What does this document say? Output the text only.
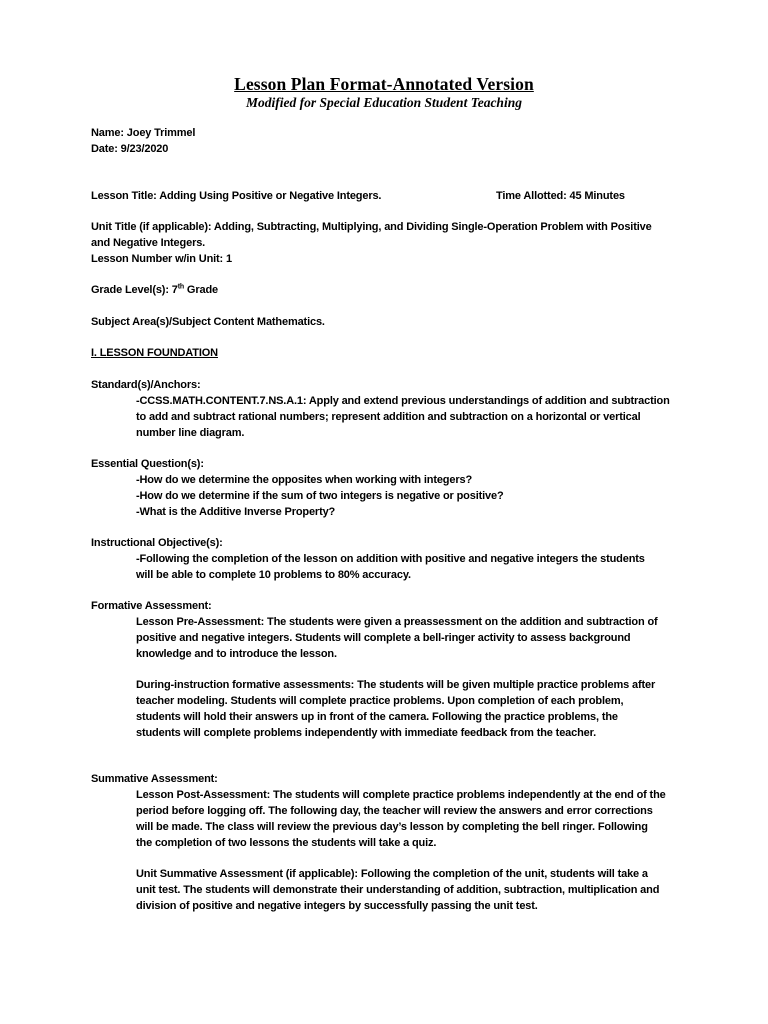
Lesson Plan Format-Annotated Version
Modified for Special Education Student Teaching
Name: Joey Trimmel
Date: 9/23/2020
Lesson Title: Adding Using Positive or Negative Integers.	Time Allotted: 45 Minutes
Unit Title (if applicable): Adding, Subtracting, Multiplying, and Dividing Single-Operation Problem with Positive
and Negative Integers.
Lesson Number w/in Unit: 1
Grade Level(s): 7th Grade
Subject Area(s)/Subject Content Mathematics.
I. LESSON FOUNDATION
Standard(s)/Anchors:
-CCSS.MATH.CONTENT.7.NS.A.1: Apply and extend previous understandings of addition and subtraction
to add and subtract rational numbers; represent addition and subtraction on a horizontal or vertical
number line diagram.
Essential Question(s):
-How do we determine the opposites when working with integers?
-How do we determine if the sum of two integers is negative or positive?
-What is the Additive Inverse Property?
Instructional Objective(s):
-Following the completion of the lesson on addition with positive and negative integers the students
will be able to complete 10 problems to 80% accuracy.
Formative Assessment:
Lesson Pre-Assessment: The students were given a preassessment on the addition and subtraction of
positive and negative integers. Students will complete a bell-ringer activity to assess background
knowledge and to introduce the lesson.
During-instruction formative assessments: The students will be given multiple practice problems after
teacher modeling. Students will complete practice problems. Upon completion of each problem,
students will hold their answers up in front of the camera. Following the practice problems, the
students will complete problems independently with immediate feedback from the teacher.
Summative Assessment:
Lesson Post-Assessment: The students will complete practice problems independently at the end of the
period before logging off. The following day, the teacher will review the answers and error corrections
will be made. The class will review the previous day’s lesson by completing the bell ringer. Following
the completion of two lessons the students will take a quiz.
Unit Summative Assessment (if applicable): Following the completion of the unit, students will take a
unit test. The students will demonstrate their understanding of addition, subtraction, multiplication and
division of positive and negative integers by successfully passing the unit test.
